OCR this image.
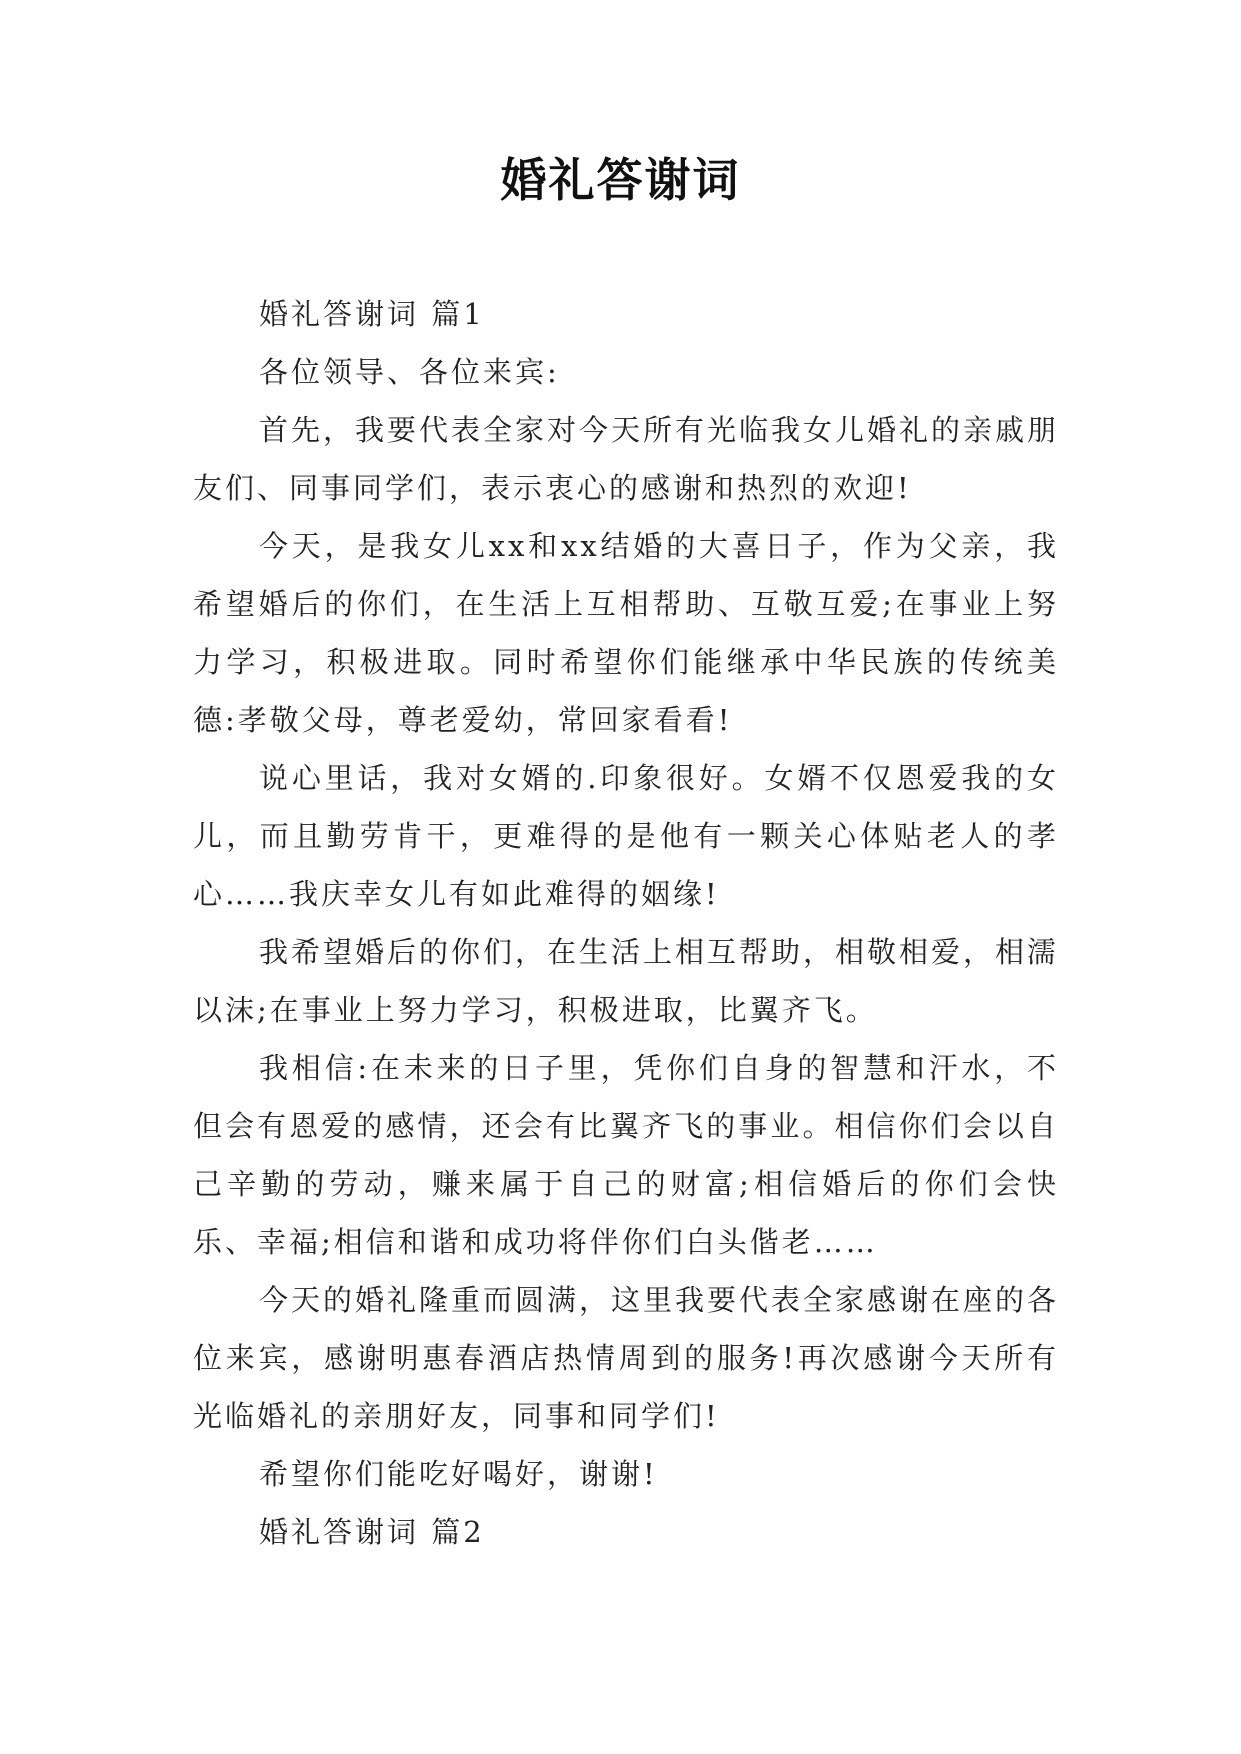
婚礼答谢词

婚礼答谢词 篇1

各位领导、各位来宾:

首先，我要代表全家对今天所有光临我女儿婚礼的亲戚朋友们、同事同学们，表示衷心的感谢和热烈的欢迎!

今天，是我女儿xx和xx结婚的大喜日子，作为父亲，我希望婚后的你们，在生活上互相帮助、互敬互爱;在事业上努力学习，积极进取。同时希望你们能继承中华民族的传统美德:孝敬父母，尊老爱幼，常回家看看!

说心里话，我对女婿的.印象很好。女婿不仅恩爱我的女儿，而且勤劳肯干，更难得的是他有一颗关心体贴老人的孝心……我庆幸女儿有如此难得的姻缘!

我希望婚后的你们，在生活上相互帮助，相敬相爱，相濡以沫;在事业上努力学习，积极进取，比翼齐飞。

我相信:在未来的日子里，凭你们自身的智慧和汗水，不但会有恩爱的感情，还会有比翼齐飞的事业。相信你们会以自己辛勤的劳动，赚来属于自己的财富;相信婚后的你们会快乐、幸福;相信和谐和成功将伴你们白头偕老……

今天的婚礼隆重而圆满，这里我要代表全家感谢在座的各位来宾，感谢明惠春酒店热情周到的服务!再次感谢今天所有光临婚礼的亲朋好友，同事和同学们!

希望你们能吃好喝好，谢谢!

婚礼答谢词 篇2
